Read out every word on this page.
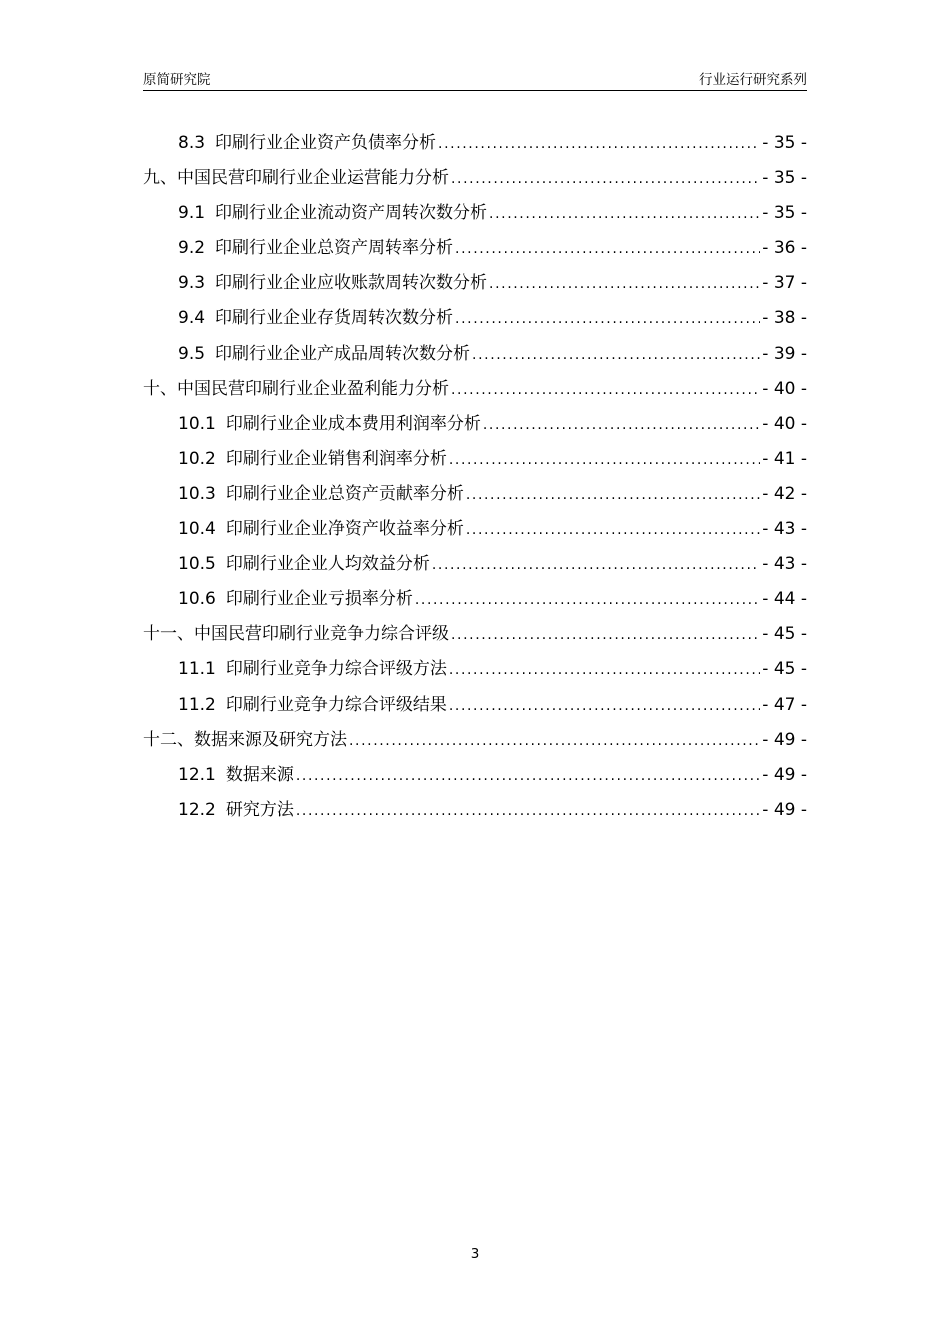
原简研究院	行业运行研究系列
8.3 印刷行业企业资产负债率分析 .....	- 35 -
九、中国民营印刷行业企业运营能力分析 .....	- 35 -
9.1 印刷行业企业流动资产周转次数分析 .....	- 35 -
9.2 印刷行业企业总资产周转率分析 .....	- 36 -
9.3 印刷行业企业应收账款周转次数分析 .....	- 37 -
9.4 印刷行业企业存货周转次数分析 .....	- 38 -
9.5 印刷行业企业产成品周转次数分析 .....	- 39 -
十、中国民营印刷行业企业盈利能力分析 .....	- 40 -
10.1 印刷行业企业成本费用利润率分析 .....	- 40 -
10.2 印刷行业企业销售利润率分析 .....	- 41 -
10.3 印刷行业企业总资产贡献率分析 .....	- 42 -
10.4 印刷行业企业净资产收益率分析 .....	- 43 -
10.5 印刷行业企业人均效益分析 .....	- 43 -
10.6 印刷行业企业亏损率分析 .....	- 44 -
十一、中国民营印刷行业竞争力综合评级 .....	- 45 -
11.1 印刷行业竞争力综合评级方法 .....	- 45 -
11.2 印刷行业竞争力综合评级结果 .....	- 47 -
十二、数据来源及研究方法 .....	- 49 -
12.1 数据来源 .....	- 49 -
12.2 研究方法 .....	- 49 -
3
